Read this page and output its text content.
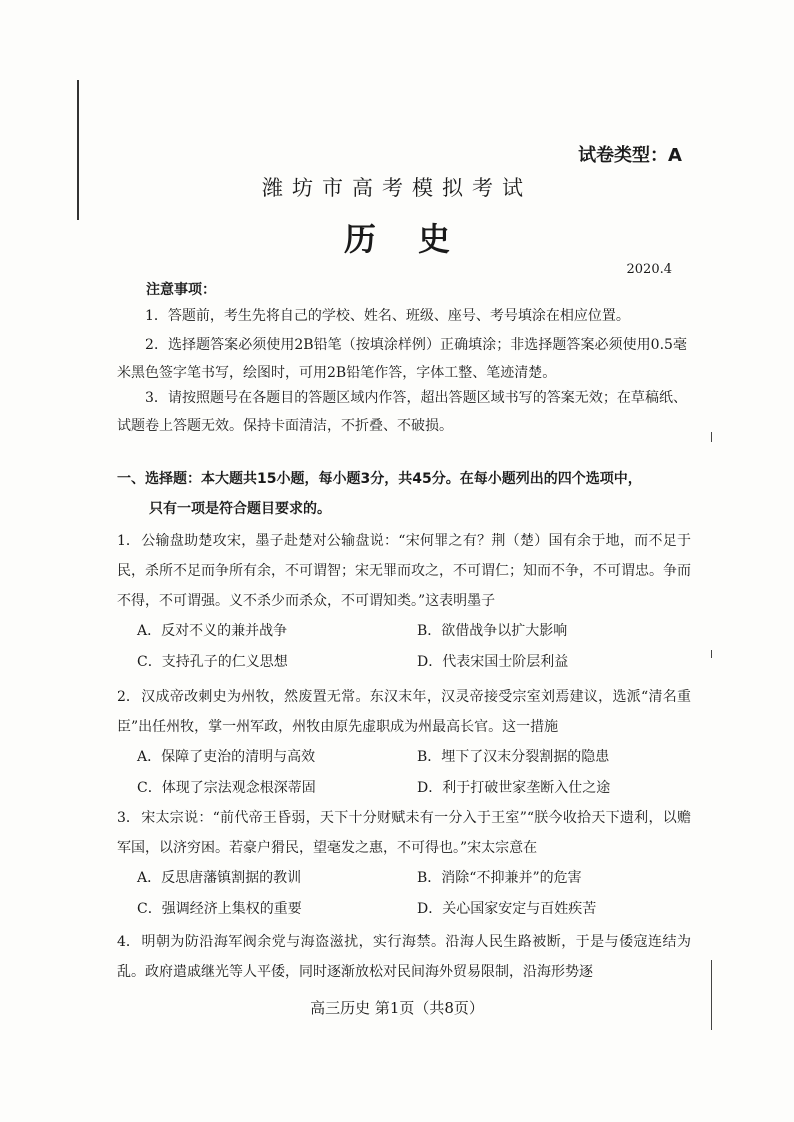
试卷类型：A
潍坊市高考模拟考试
历史
2020.4
注意事项：
1．答题前，考生先将自己的学校、姓名、班级、座号、考号填涂在相应位置。
2．选择题答案必须使用2B铅笔（按填涂样例）正确填涂；非选择题答案必须使用0.5毫米黑色签字笔书写，绘图时，可用2B铅笔作答，字体工整、笔迹清楚。
3．请按照题号在各题目的答题区域内作答，超出答题区域书写的答案无效；在草稿纸、试题卷上答题无效。保持卡面清洁，不折叠、不破损。
一、选择题：本大题共15小题，每小题3分，共45分。在每小题列出的四个选项中，
只有一项是符合题目要求的。
1．公输盘助楚攻宋，墨子赴楚对公输盘说：“宋何罪之有？荆（楚）国有余于地，而不足于民，杀所不足而争所有余，不可谓智；宋无罪而攻之，不可谓仁；知而不争，不可谓忠。争而不得，不可谓强。义不杀少而杀众，不可谓知类。”这表明墨子
A．反对不义的兼并战争	B．欲借战争以扩大影响
C．支持孔子的仁义思想	D．代表宋国士阶层利益
2．汉成帝改刺史为州牧，然废置无常。东汉末年，汉灵帝接受宗室刘焉建议，选派“清名重臣”出任州牧，掌一州军政，州牧由原先虚职成为州最高长官。这一措施
A．保障了吏治的清明与高效	B．埋下了汉末分裂割据的隐患
C．体现了宗法观念根深蒂固	D．利于打破世家垄断入仕之途
3．宋太宗说：“前代帝王昏弱，天下十分财赋未有一分入于王室”“朕今收拾天下遗利，以赡军国，以济穷困。若豪户猾民，望毫发之惠，不可得也。”宋太宗意在
A．反思唐藩镇割据的教训	B．消除“不抑兼并”的危害
C．强调经济上集权的重要	D．关心国家安定与百姓疾苦
4．明朝为防沿海军阀余党与海盗滋扰，实行海禁。沿海人民生路被断，于是与倭寇连结为乱。政府遣戚继光等人平倭，同时逐渐放松对民间海外贸易限制，沿海形势逐
高三历史 第1页（共8页）
